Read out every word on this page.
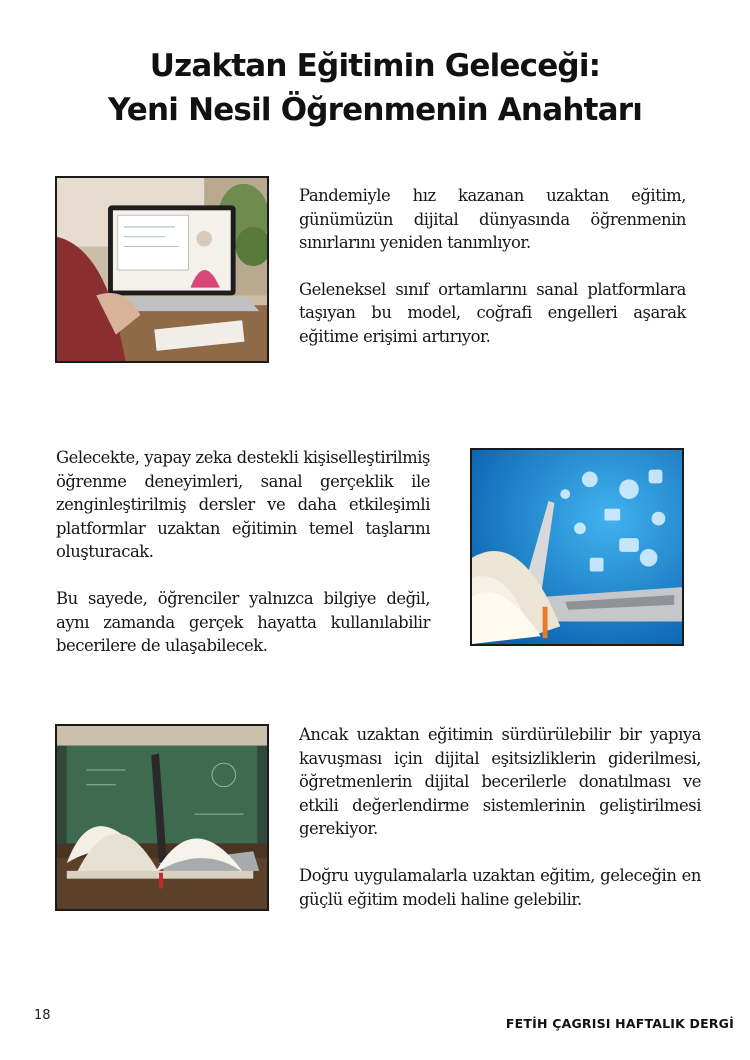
Uzaktan Eğitimin Geleceği:
Yeni Nesil Öğrenmenin Anahtarı

Pandemiyle hız kazanan uzaktan eğitim, günümüzün dijital dünyasında öğrenmenin sınırlarını yeniden tanımlıyor.

Geleneksel sınıf ortamlarını sanal platformlara taşıyan bu model, coğrafi engelleri aşarak eğitime erişimi artırıyor.

Gelecekte, yapay zeka destekli kişiselleştirilmiş öğrenme deneyimleri, sanal gerçeklik ile zenginleştirilmiş dersler ve daha etkileşimli platformlar uzaktan eğitimin temel taşlarını oluşturacak.

Bu sayede, öğrenciler yalnızca bilgiye değil, aynı zamanda gerçek hayatta kullanılabilir becerilere de ulaşabilecek.

Ancak uzaktan eğitimin sürdürülebilir bir yapıya kavuşması için dijital eşitsizliklerin giderilmesi, öğretmenlerin dijital becerilerle donatılması ve etkili değerlendirme sistemlerinin geliştirilmesi gerekiyor.

Doğru uygulamalarla uzaktan eğitim, geleceğin en güçlü eğitim modeli haline gelebilir.

18
FETİH ÇAGRISI HAFTALIK DERGİ
